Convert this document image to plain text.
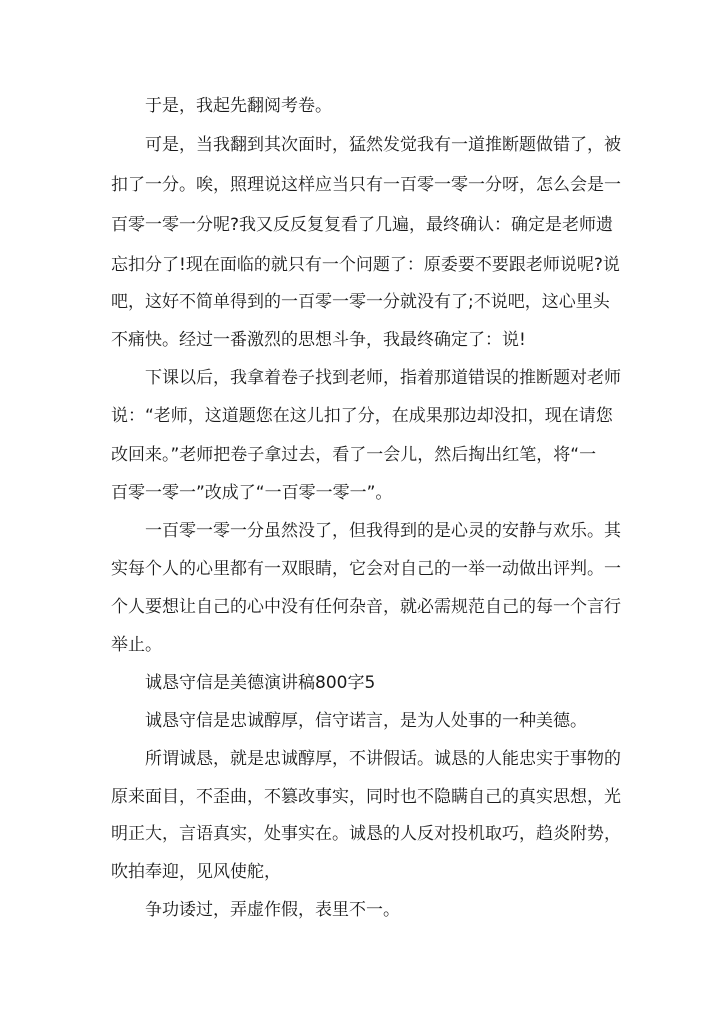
于是，我起先翻阅考卷。
可是，当我翻到其次面时，猛然发觉我有一道推断题做错了，被
扣了一分。唉，照理说这样应当只有一百零一零一分呀，怎么会是一
百零一零一分呢?我又反反复复看了几遍，最终确认：确定是老师遗
忘扣分了!现在面临的就只有一个问题了：原委要不要跟老师说呢?说
吧，这好不简单得到的一百零一零一分就没有了;不说吧，这心里头
不痛快。经过一番激烈的思想斗争，我最终确定了：说!
下课以后，我拿着卷子找到老师，指着那道错误的推断题对老师
说：“老师，这道题您在这儿扣了分，在成果那边却没扣，现在请您
改回来。”老师把卷子拿过去，看了一会儿，然后掏出红笔，将“一
百零一零一”改成了“一百零一零一”。
一百零一零一分虽然没了，但我得到的是心灵的安静与欢乐。其
实每个人的心里都有一双眼睛，它会对自己的一举一动做出评判。一
个人要想让自己的心中没有任何杂音，就必需规范自己的每一个言行
举止。
诚恳守信是美德演讲稿800字5
诚恳守信是忠诚醇厚，信守诺言，是为人处事的一种美德。
所谓诚恳，就是忠诚醇厚，不讲假话。诚恳的人能忠实于事物的
原来面目，不歪曲，不篡改事实，同时也不隐瞒自己的真实思想，光
明正大，言语真实，处事实在。诚恳的人反对投机取巧，趋炎附势，
吹拍奉迎，见风使舵，
争功诿过，弄虚作假，表里不一。
